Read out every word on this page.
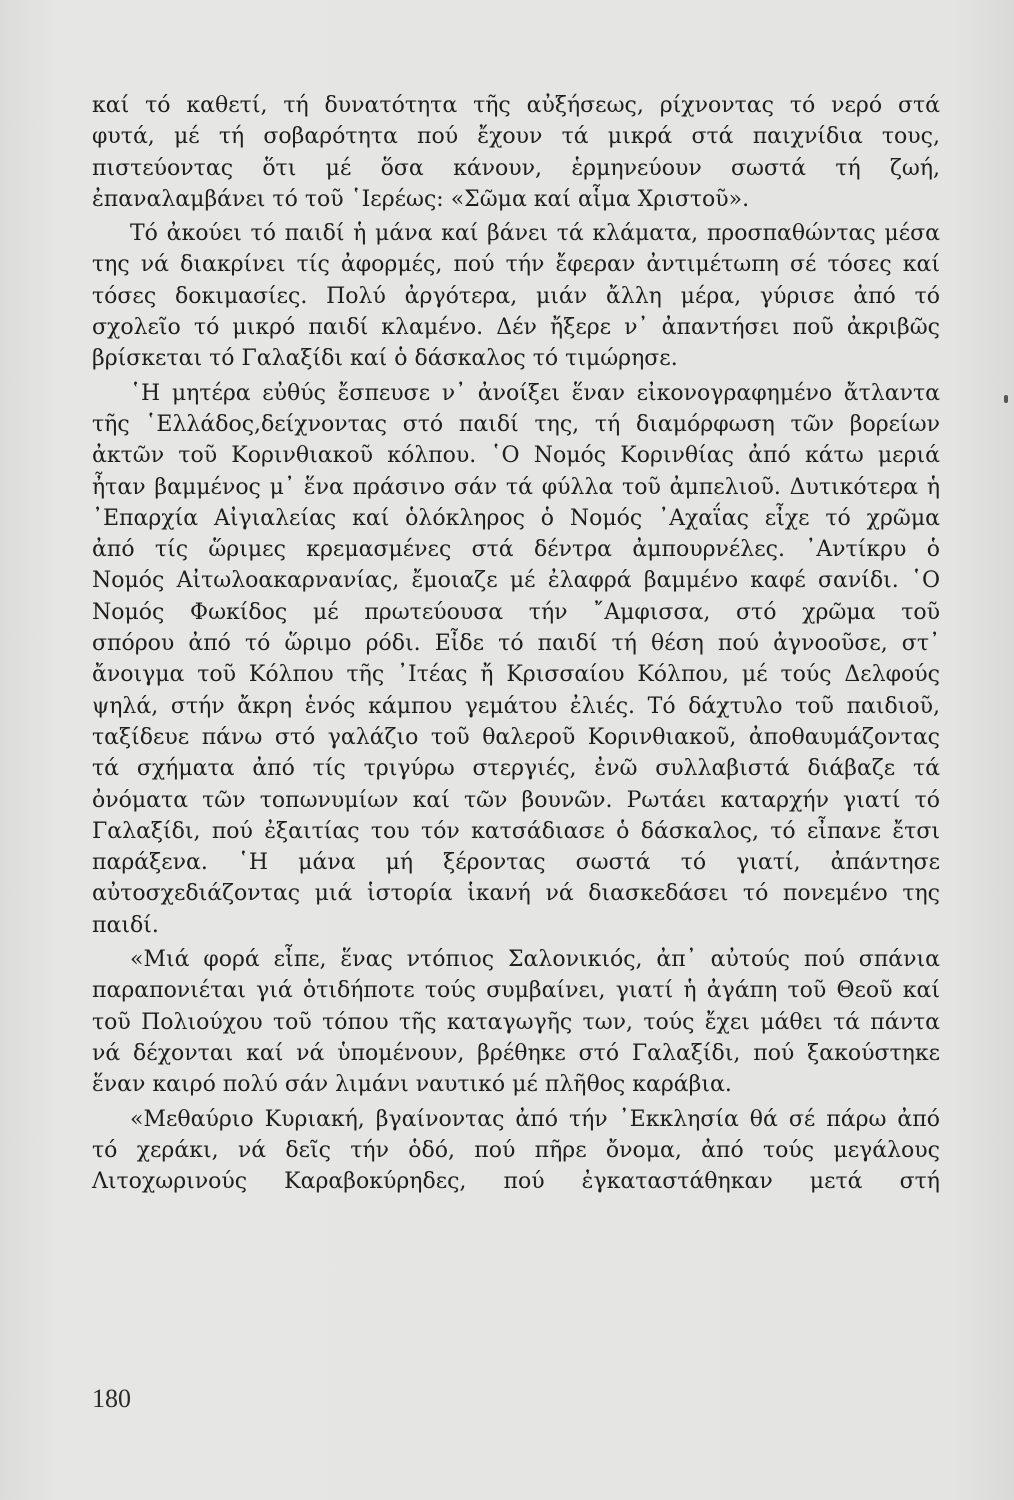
καί τό καθετί, τή δυνατότητα τῆς αὐξήσεως, ρίχνοντας τό νερό στά
φυτά, μέ τή σοβαρότητα πού ἔχουν τά μικρά στά παιχνίδια τους,
πιστεύοντας ὅτι μέ ὅσα κάνουν, ἑρμηνεύουν σωστά τή ζωή,
ἐπαναλαμβάνει τό τοῦ ῾Ιερέως: «Σῶμα καί αἷμα Χριστοῦ».
Τό ἀκούει τό παιδί ἡ μάνα καί βάνει τά κλάματα, προσπαθώντας μέσα
της νά διακρίνει τίς ἀφορμές, πού τήν ἔφεραν ἀντιμέτωπη σέ τόσες καί
τόσες δοκιμασίες. Πολύ ἀργότερα, μιάν ἄλλη μέρα, γύρισε ἀπό τό
σχολεῖο τό μικρό παιδί κλαμένο. Δέν ἤξερε ν᾽ ἀπαντήσει ποῦ ἀκριβῶς
βρίσκεται τό Γαλαξίδι καί ὁ δάσκαλος τό τιμώρησε.
῾Η μητέρα εὐθύς ἔσπευσε ν᾽ ἀνοίξει ἕναν εἰκονογραφημένο ἄτλαντα
τῆς ῾Ελλάδος,δείχνοντας στό παιδί της, τή διαμόρφωση τῶν βορείων
ἀκτῶν τοῦ Κορινθιακοῦ κόλπου. ῾Ο Νομός Κορινθίας ἀπό κάτω μεριά
ἦταν βαμμένος μ᾽ ἕνα πράσινο σάν τά φύλλα τοῦ ἀμπελιοῦ. Δυτικότερα ἡ
᾽Επαρχία Αἰγιαλείας καί ὁλόκληρος ὁ Νομός ᾽Αχαΐας εἶχε τό χρῶμα
ἀπό τίς ὥριμες κρεμασμένες στά δέντρα ἀμπουρνέλες. ᾽Αντίκρυ ὁ
Νομός Αἰτωλοακαρνανίας, ἔμοιαζε μέ ἐλαφρά βαμμένο καφέ σανίδι. ῾Ο
Νομός Φωκίδος μέ πρωτεύουσα τήν ῎Αμφισσα, στό χρῶμα τοῦ
σπόρου ἀπό τό ὥριμο ρόδι. Εἶδε τό παιδί τή θέση πού ἀγνοοῦσε, στ᾽
ἄνοιγμα τοῦ Κόλπου τῆς ᾽Ιτέας ἤ Κρισσαίου Κόλπου, μέ τούς Δελφούς
ψηλά, στήν ἄκρη ἑνός κάμπου γεμάτου ἐλιές. Τό δάχτυλο τοῦ παιδιοῦ,
ταξίδευε πάνω στό γαλάζιο τοῦ θαλεροῦ Κορινθιακοῦ, ἀποθαυμάζοντας
τά σχήματα ἀπό τίς τριγύρω στεργιές, ἐνῶ συλλαβιστά διάβαζε τά
ὀνόματα τῶν τοπωνυμίων καί τῶν βουνῶν. Ρωτάει καταρχήν γιατί τό
Γαλαξίδι, πού ἐξαιτίας του τόν κατσάδιασε ὁ δάσκαλος, τό εἶπανε ἔτσι
παράξενα. ῾Η μάνα μή ξέροντας σωστά τό γιατί, ἀπάντησε
αὐτοσχεδιάζοντας μιά ἱστορία ἱκανή νά διασκεδάσει τό πονεμένο της
παιδί.
«Μιά φορά εἶπε, ἕνας ντόπιος Σαλονικιός, ἀπ᾽ αὐτούς πού σπάνια
παραπονιέται γιά ὁτιδήποτε τούς συμβαίνει, γιατί ἡ ἀγάπη τοῦ Θεοῦ καί
τοῦ Πολιούχου τοῦ τόπου τῆς καταγωγῆς των, τούς ἔχει μάθει τά πάντα
νά δέχονται καί νά ὑπομένουν, βρέθηκε στό Γαλαξίδι, πού ξακούστηκε
ἕναν καιρό πολύ σάν λιμάνι ναυτικό μέ πλῆθος καράβια.
«Μεθαύριο Κυριακή, βγαίνοντας ἀπό τήν ᾽Εκκλησία θά σέ πάρω ἀπό
τό χεράκι, νά δεῖς τήν ὁδό, πού πῆρε ὄνομα, ἀπό τούς μεγάλους
Λιτοχωρινούς Καραβοκύρηδες, πού ἐγκαταστάθηκαν μετά στή
180
